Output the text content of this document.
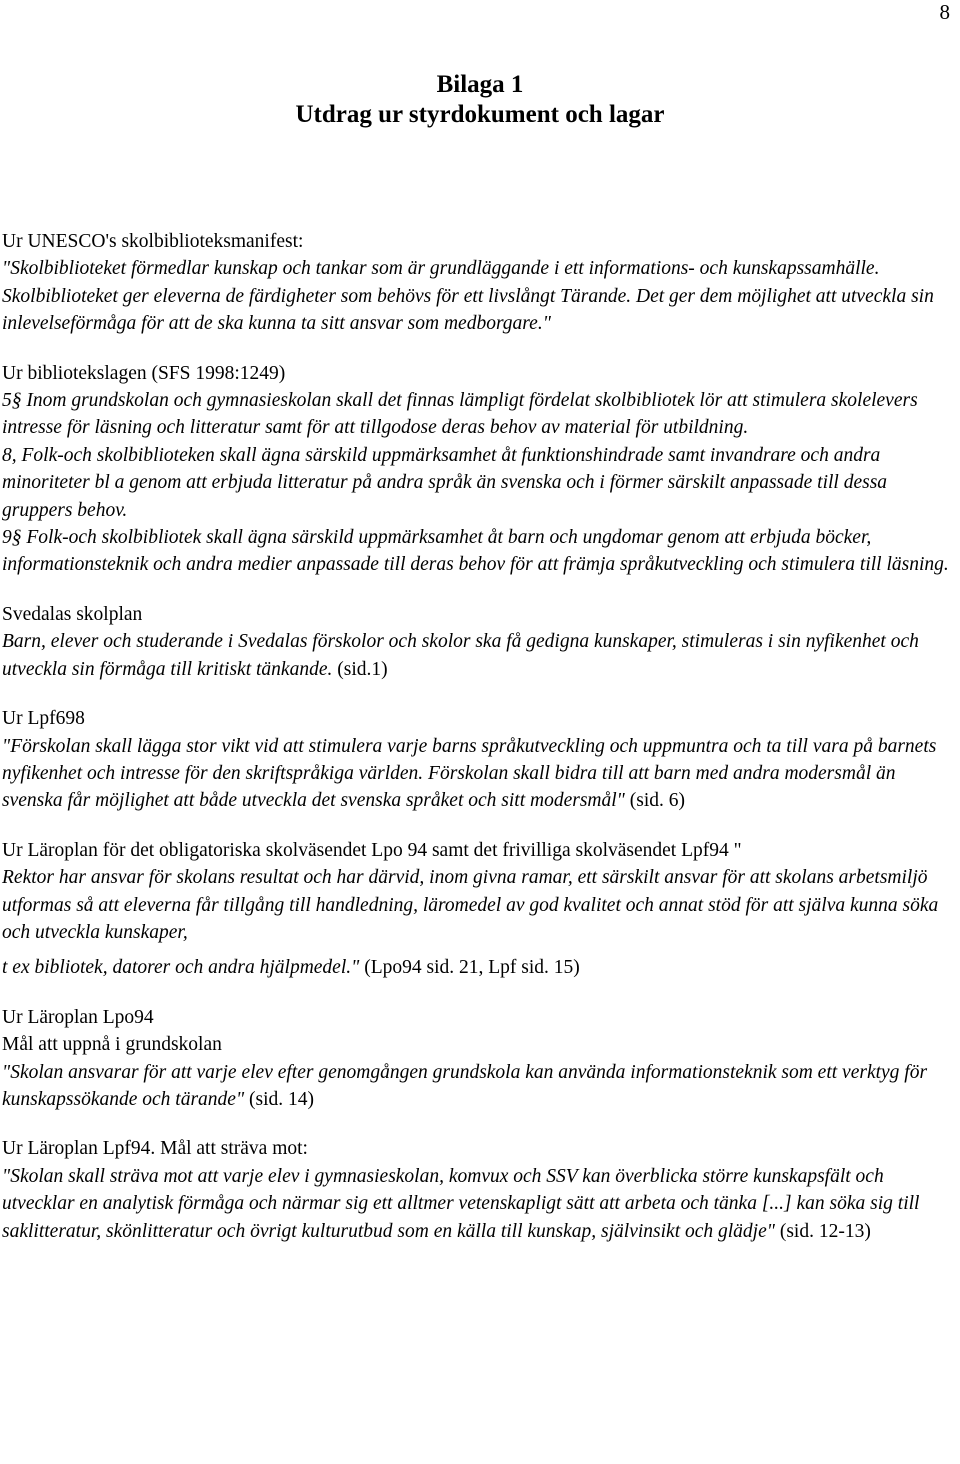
8
Bilaga 1
Utdrag ur styrdokument och lagar
Ur UNESCO's skolbiblioteksmanifest:
"Skolbiblioteket förmedlar kunskap och tankar som är grundläggande i ett informations- och kunskapssamhälle. Skolbiblioteket ger eleverna de färdigheter som behövs för ett livslångt Tärande. Det ger dem möjlighet att utveckla sin inlevelseförmåga för att de ska kunna ta sitt ansvar som medborgare."
Ur bibliotekslagen (SFS 1998:1249)
5§ Inom grundskolan och gymnasieskolan skall det finnas lämpligt fördelat skolbibliotek lör att stimulera skolelevers intresse för läsning och litteratur samt för att tillgodose deras behov av material för utbildning.
8, Folk-och skolbiblioteken skall ägna särskild uppmärksamhet åt funktionshindrade samt invandrare och andra minoriteter bl a genom att erbjuda litteratur på andra språk än svenska och i förmer särskilt anpassade till dessa gruppers behov.
9§ Folk-och skolbibliotek skall ägna särskild uppmärksamhet åt barn och ungdomar genom att erbjuda böcker, informationsteknik och andra medier anpassade till deras behov för att främja språkutveckling och stimulera till läsning.
Svedalas skolplan
Barn, elever och studerande i Svedalas förskolor och skolor ska få gedigna kunskaper, stimuleras i sin nyfikenhet och utveckla sin förmåga till kritiskt tänkande. (sid.1)
Ur Lpf698
"Förskolan skall lägga stor vikt vid att stimulera varje barns språkutveckling och uppmuntra och ta till vara på barnets nyfikenhet och intresse för den skriftspråkiga världen. Förskolan skall bidra till att barn med andra modersmål än svenska får möjlighet att både utveckla det svenska språket och sitt modersmål" (sid. 6)
Ur Läroplan för det obligatoriska skolväsendet Lpo 94 samt det frivilliga skolväsendet Lpf94 "
Rektor har ansvar för skolans resultat och har därvid, inom givna ramar, ett särskilt ansvar för att skolans arbetsmiljö utformas så att eleverna får tillgång till handledning, läromedel av god kvalitet och annat stöd för att själva kunna söka och utveckla kunskaper,
t ex bibliotek, datorer och andra hjälpmedel." (Lpo94 sid. 21, Lpf sid. 15)
Ur Läroplan Lpo94
Mål att uppnå i grundskolan
"Skolan ansvarar för att varje elev efter genomgången grundskola kan använda informationsteknik som ett verktyg för kunskapssökande och tärande" (sid. 14)
Ur Läroplan Lpf94. Mål att sträva mot:
"Skolan skall sträva mot att varje elev i gymnasieskolan, komvux och SSV kan överblicka större kunskapsfält och utvecklar en analytisk förmåga och närmar sig ett alltmer vetenskapligt sätt att arbeta och tänka [...] kan söka sig till saklitteratur, skönlitteratur och övrigt kulturutbud som en källa till kunskap, självinsikt och glädje" (sid. 12-13)
